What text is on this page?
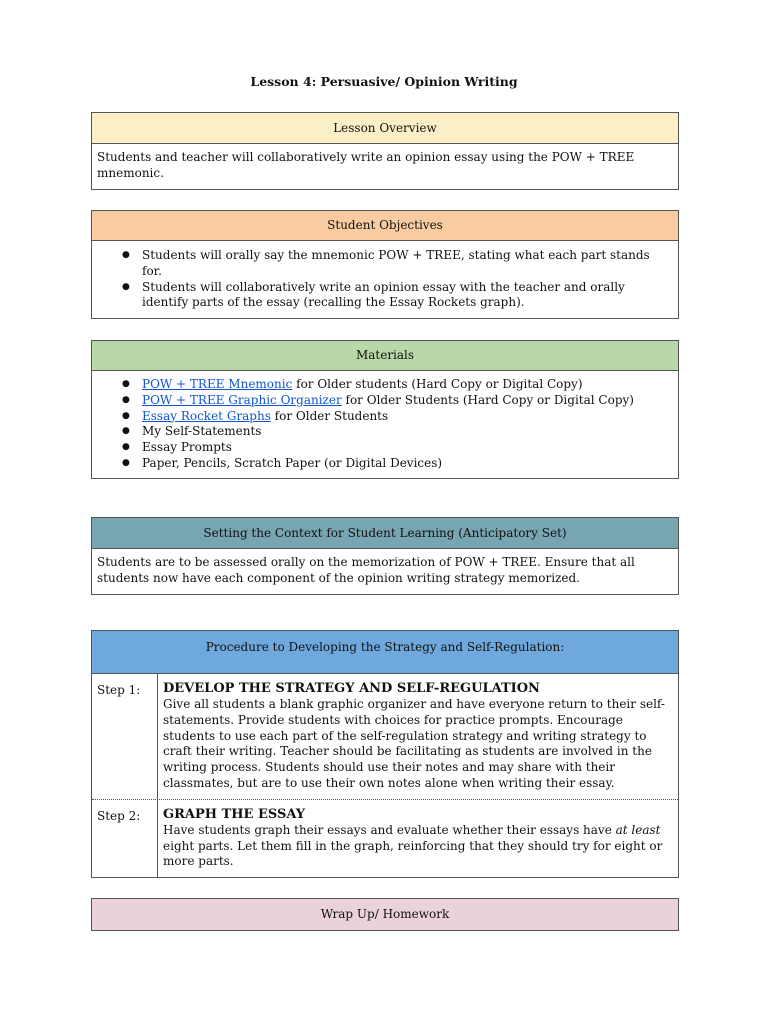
Lesson 4: Persuasive/ Opinion Writing
Lesson Overview
Students and teacher will collaboratively write an opinion essay using the POW + TREE mnemonic.
Student Objectives
● Students will orally say the mnemonic POW + TREE, stating what each part stands for.
● Students will collaboratively write an opinion essay with the teacher and orally identify parts of the essay (recalling the Essay Rockets graph).
Materials
● POW + TREE Mnemonic for Older students (Hard Copy or Digital Copy)
● POW + TREE Graphic Organizer for Older Students (Hard Copy or Digital Copy)
● Essay Rocket Graphs for Older Students
● My Self-Statements
● Essay Prompts
● Paper, Pencils, Scratch Paper (or Digital Devices)
Setting the Context for Student Learning (Anticipatory Set)
Students are to be assessed orally on the memorization of POW + TREE. Ensure that all students now have each component of the opinion writing strategy memorized.
Procedure to Developing the Strategy and Self-Regulation:
Step 1:	DEVELOP THE STRATEGY AND SELF-REGULATION
Give all students a blank graphic organizer and have everyone return to their self-statements. Provide students with choices for practice prompts. Encourage students to use each part of the self-regulation strategy and writing strategy to craft their writing. Teacher should be facilitating as students are involved in the writing process. Students should use their notes and may share with their classmates, but are to use their own notes alone when writing their essay.
Step 2:	GRAPH THE ESSAY
Have students graph their essays and evaluate whether their essays have at least eight parts. Let them fill in the graph, reinforcing that they should try for eight or more parts.
Wrap Up/ Homework
